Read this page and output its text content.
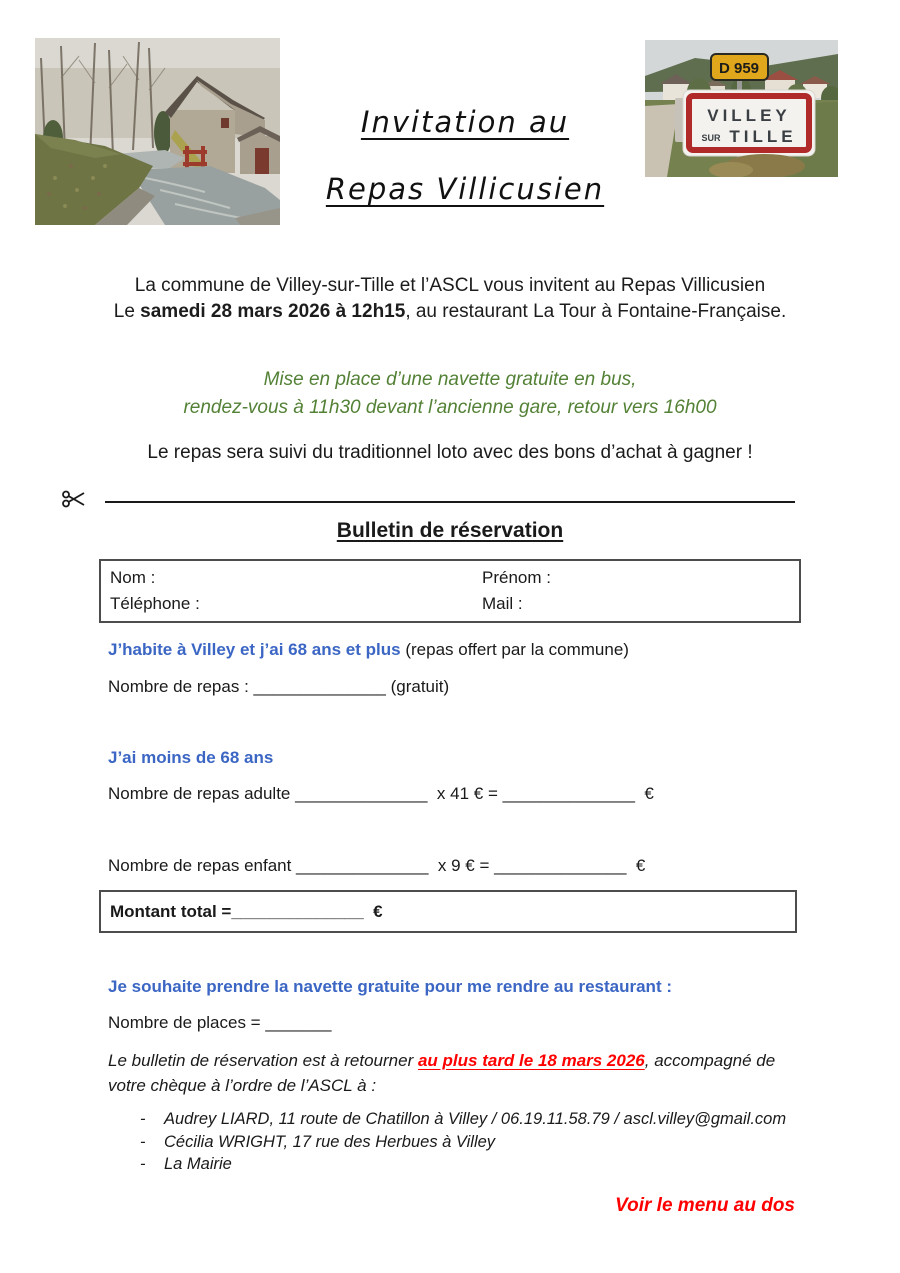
D 959
VILLEY
SUR TILLE
Invitation au
Repas Villicusien
La commune de Villey-sur-Tille et l’ASCL vous invitent au Repas Villicusien
Le samedi 28 mars 2026 à 12h15, au restaurant La Tour à Fontaine-Française.
Mise en place d’une navette gratuite en bus,
rendez-vous à 11h30 devant l’ancienne gare, retour vers 16h00
Le repas sera suivi du traditionnel loto avec des bons d’achat à gagner !
Bulletin de réservation
Nom :	Prénom :
Téléphone :	Mail :
J’habite à Villey et j’ai 68 ans et plus (repas offert par la commune)
Nombre de repas : ______________ (gratuit)
J’ai moins de 68 ans
Nombre de repas adulte ______________  x 41 € = ______________  €
Nombre de repas enfant ______________  x 9 € = ______________  €
Montant total =______________  €
Je souhaite prendre la navette gratuite pour me rendre au restaurant :
Nombre de places = _______
Le bulletin de réservation est à retourner au plus tard le 18 mars 2026, accompagné de votre chèque à l’ordre de l’ASCL à :
-	Audrey LIARD, 11 route de Chatillon à Villey / 06.19.11.58.79 / ascl.villey@gmail.com
-	Cécilia WRIGHT, 17 rue des Herbues à Villey
-	La Mairie
Voir le menu au dos
